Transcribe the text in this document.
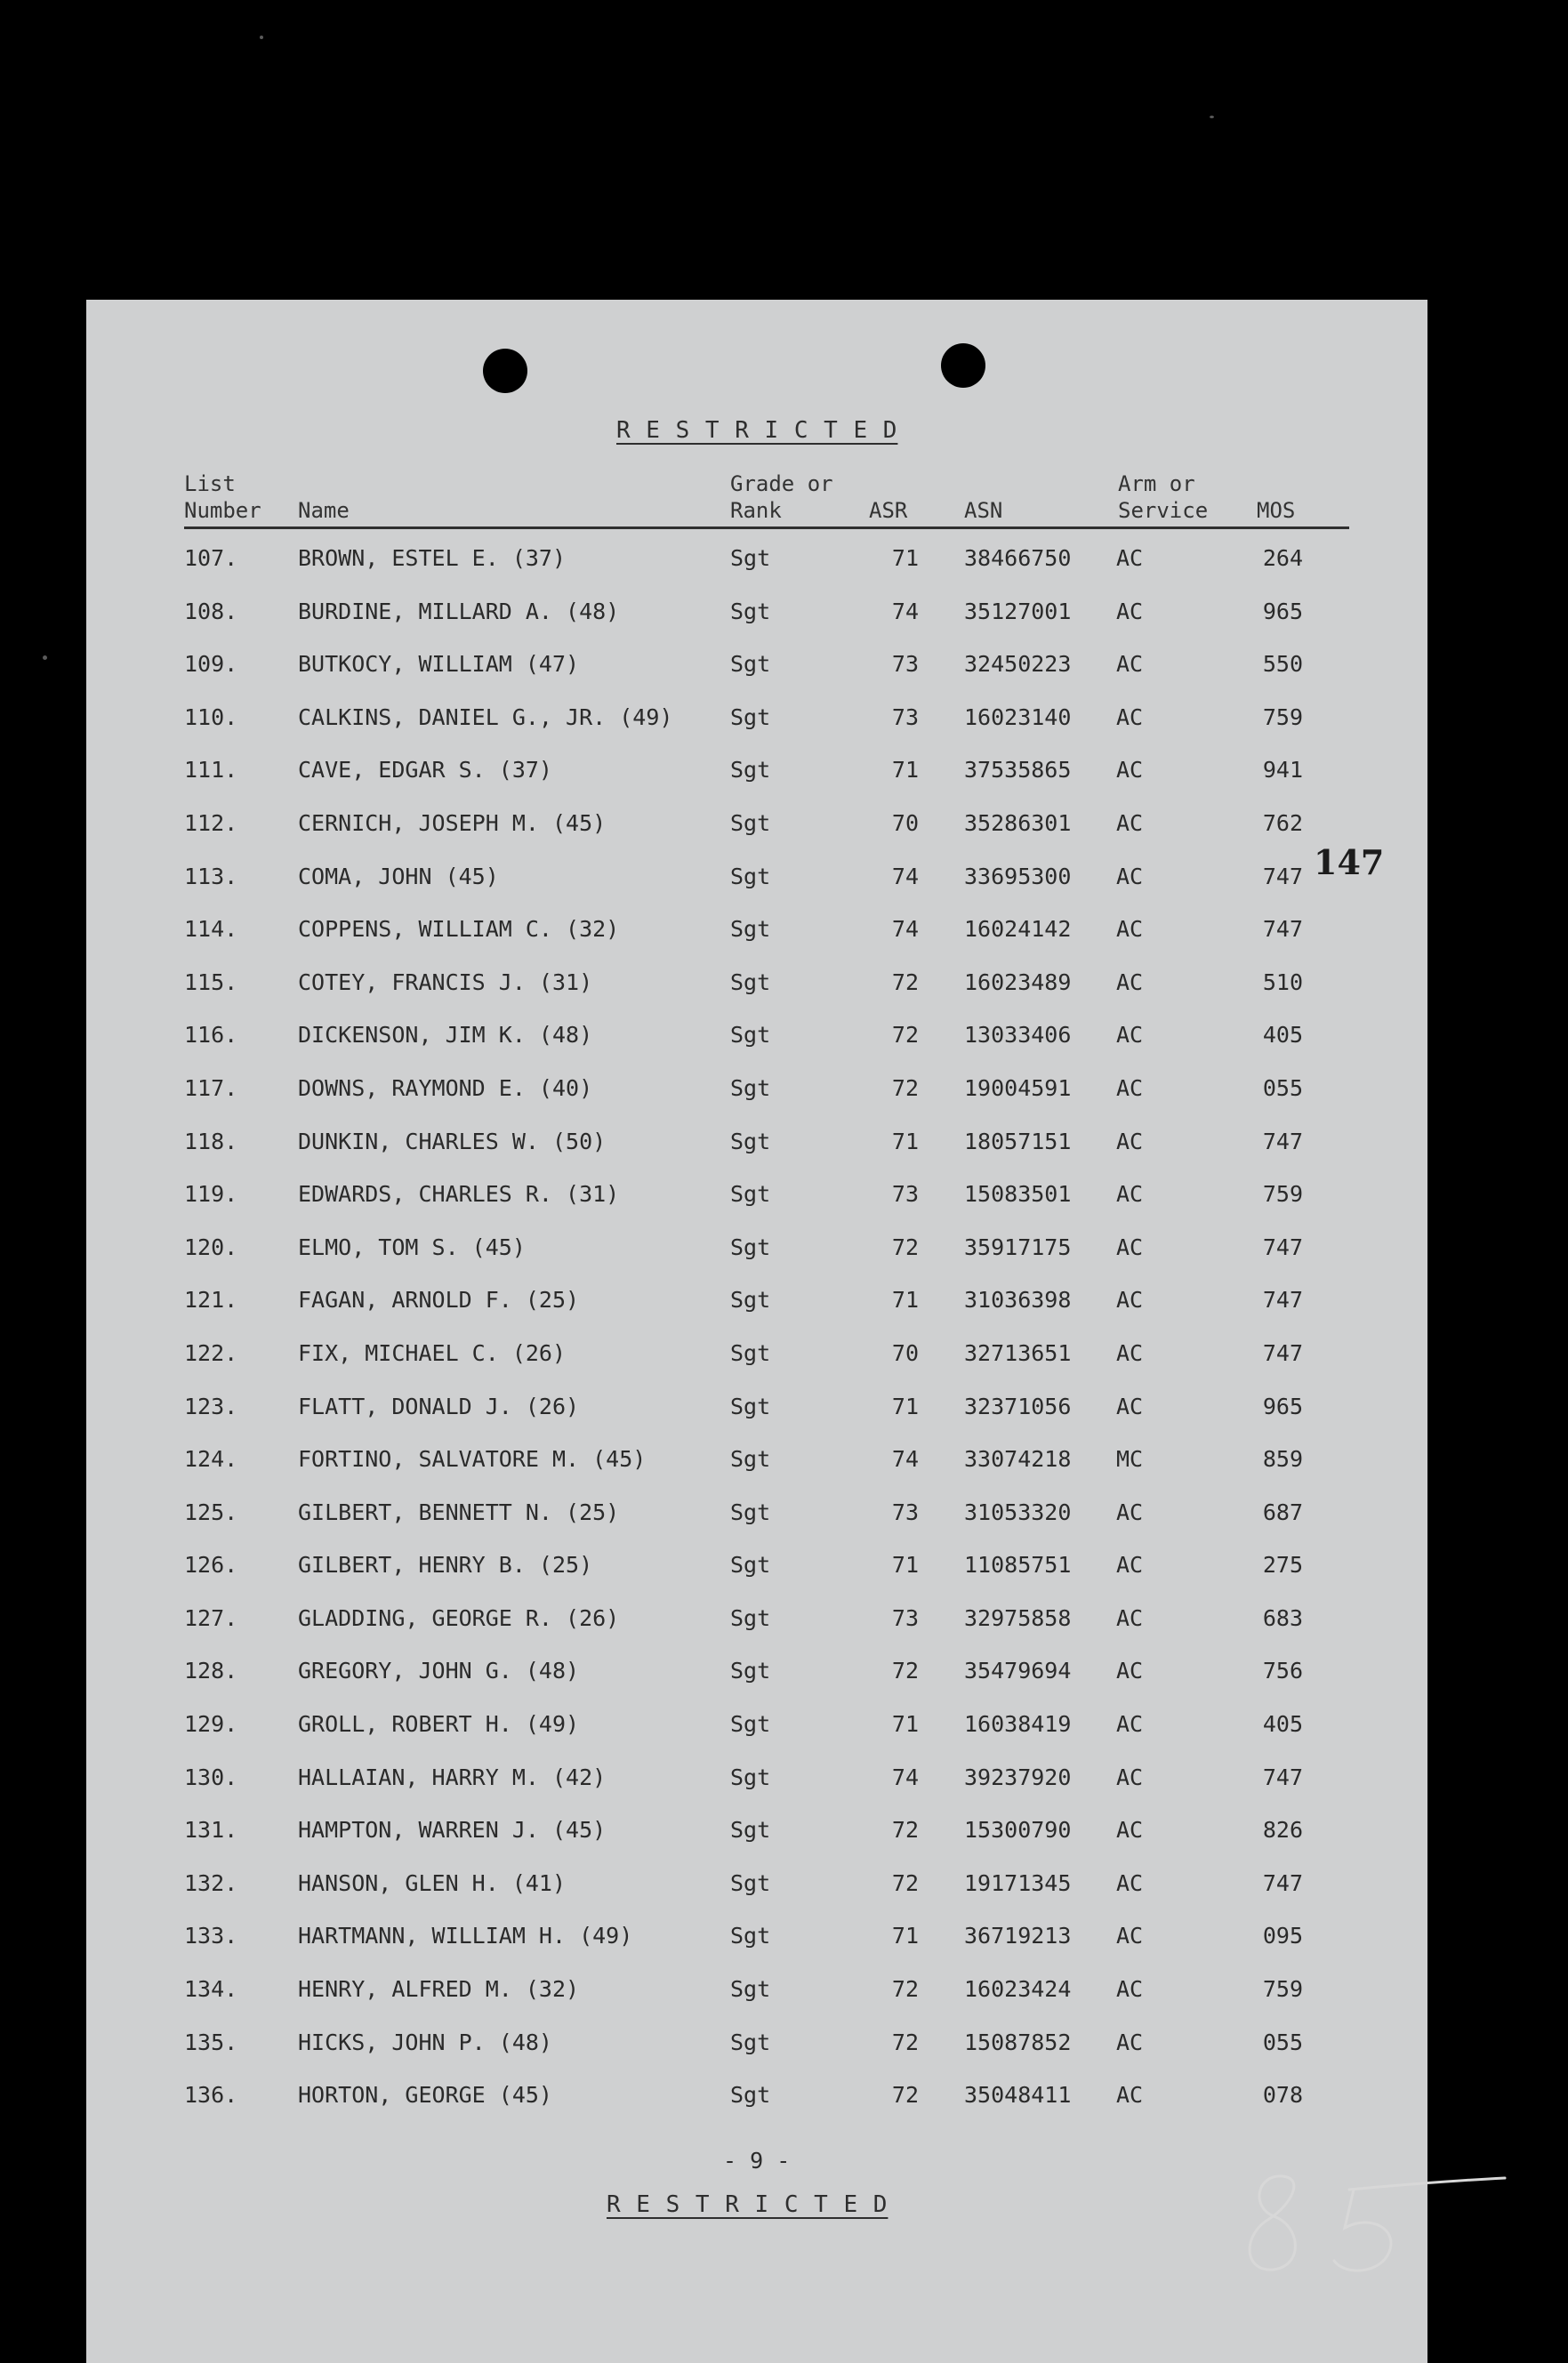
R E S T R I C T E D
List
Number Name
Grade or
Rank	ASR	ASN
Arm or
Service MOS
107.	BROWN, ESTEL E. (37)	Sgt	71 38466750 AC	264
108.	BURDINE, MILLARD A. (48)	Sgt	74 35127001 AC	965
109.	BUTKOCY, WILLIAM (47)	Sgt	73 32450223 AC	550
110.	CALKINS, DANIEL G., JR. (49)	Sgt	73 16023140 AC	759
111.	CAVE, EDGAR S. (37)	Sgt	71 37535865 AC	941
112.	CERNICH, JOSEPH M. (45)	Sgt	70 35286301 AC	762
113.	COMA, JOHN (45)	Sgt	74 33695300 AC	747
114.	COPPENS, WILLIAM C. (32)	Sgt	74 16024142 AC	747
115.	COTEY, FRANCIS J. (31)	Sgt	72 16023489 AC	510
116.	DICKENSON, JIM K. (48)	Sgt	72 13033406 AC	405
117.	DOWNS, RAYMOND E. (40)	Sgt	72 19004591 AC	055
118.	DUNKIN, CHARLES W. (50)	Sgt	71 18057151 AC	747
119.	EDWARDS, CHARLES R. (31)	Sgt	73 15083501 AC	759
120.	ELMO, TOM S. (45)	Sgt	72 35917175 AC	747
121.	FAGAN, ARNOLD F. (25)	Sgt	71 31036398 AC	747
122.	FIX, MICHAEL C. (26)	Sgt	70 32713651 AC	747
123.	FLATT, DONALD J. (26)	Sgt	71 32371056 AC	965
124.	FORTINO, SALVATORE M. (45)	Sgt	74 33074218 MC	859
125.	GILBERT, BENNETT N. (25)	Sgt	73 31053320 AC	687
126.	GILBERT, HENRY B. (25)	Sgt	71 11085751 AC	275
127.	GLADDING, GEORGE R. (26)	Sgt	73 32975858 AC	683
128.	GREGORY, JOHN G. (48)	Sgt	72 35479694 AC	756
129.	GROLL, ROBERT H. (49)	Sgt	71 16038419 AC	405
130.	HALLAIAN, HARRY M. (42)	Sgt	74 39237920 AC	747
131.	HAMPTON, WARREN J. (45)	Sgt	72 15300790 AC	826
132.	HANSON, GLEN H. (41)	Sgt	72 19171345 AC	747
133.	HARTMANN, WILLIAM H. (49)	Sgt	71 36719213 AC	095
134.	HENRY, ALFRED M. (32)	Sgt	72 16023424 AC	759
135.	HICKS, JOHN P. (48)	Sgt	72 15087852 AC	055
136.	HORTON, GEORGE (45)	Sgt	72 35048411 AC	078
147
- 9 -
R E S T R I C T E D
